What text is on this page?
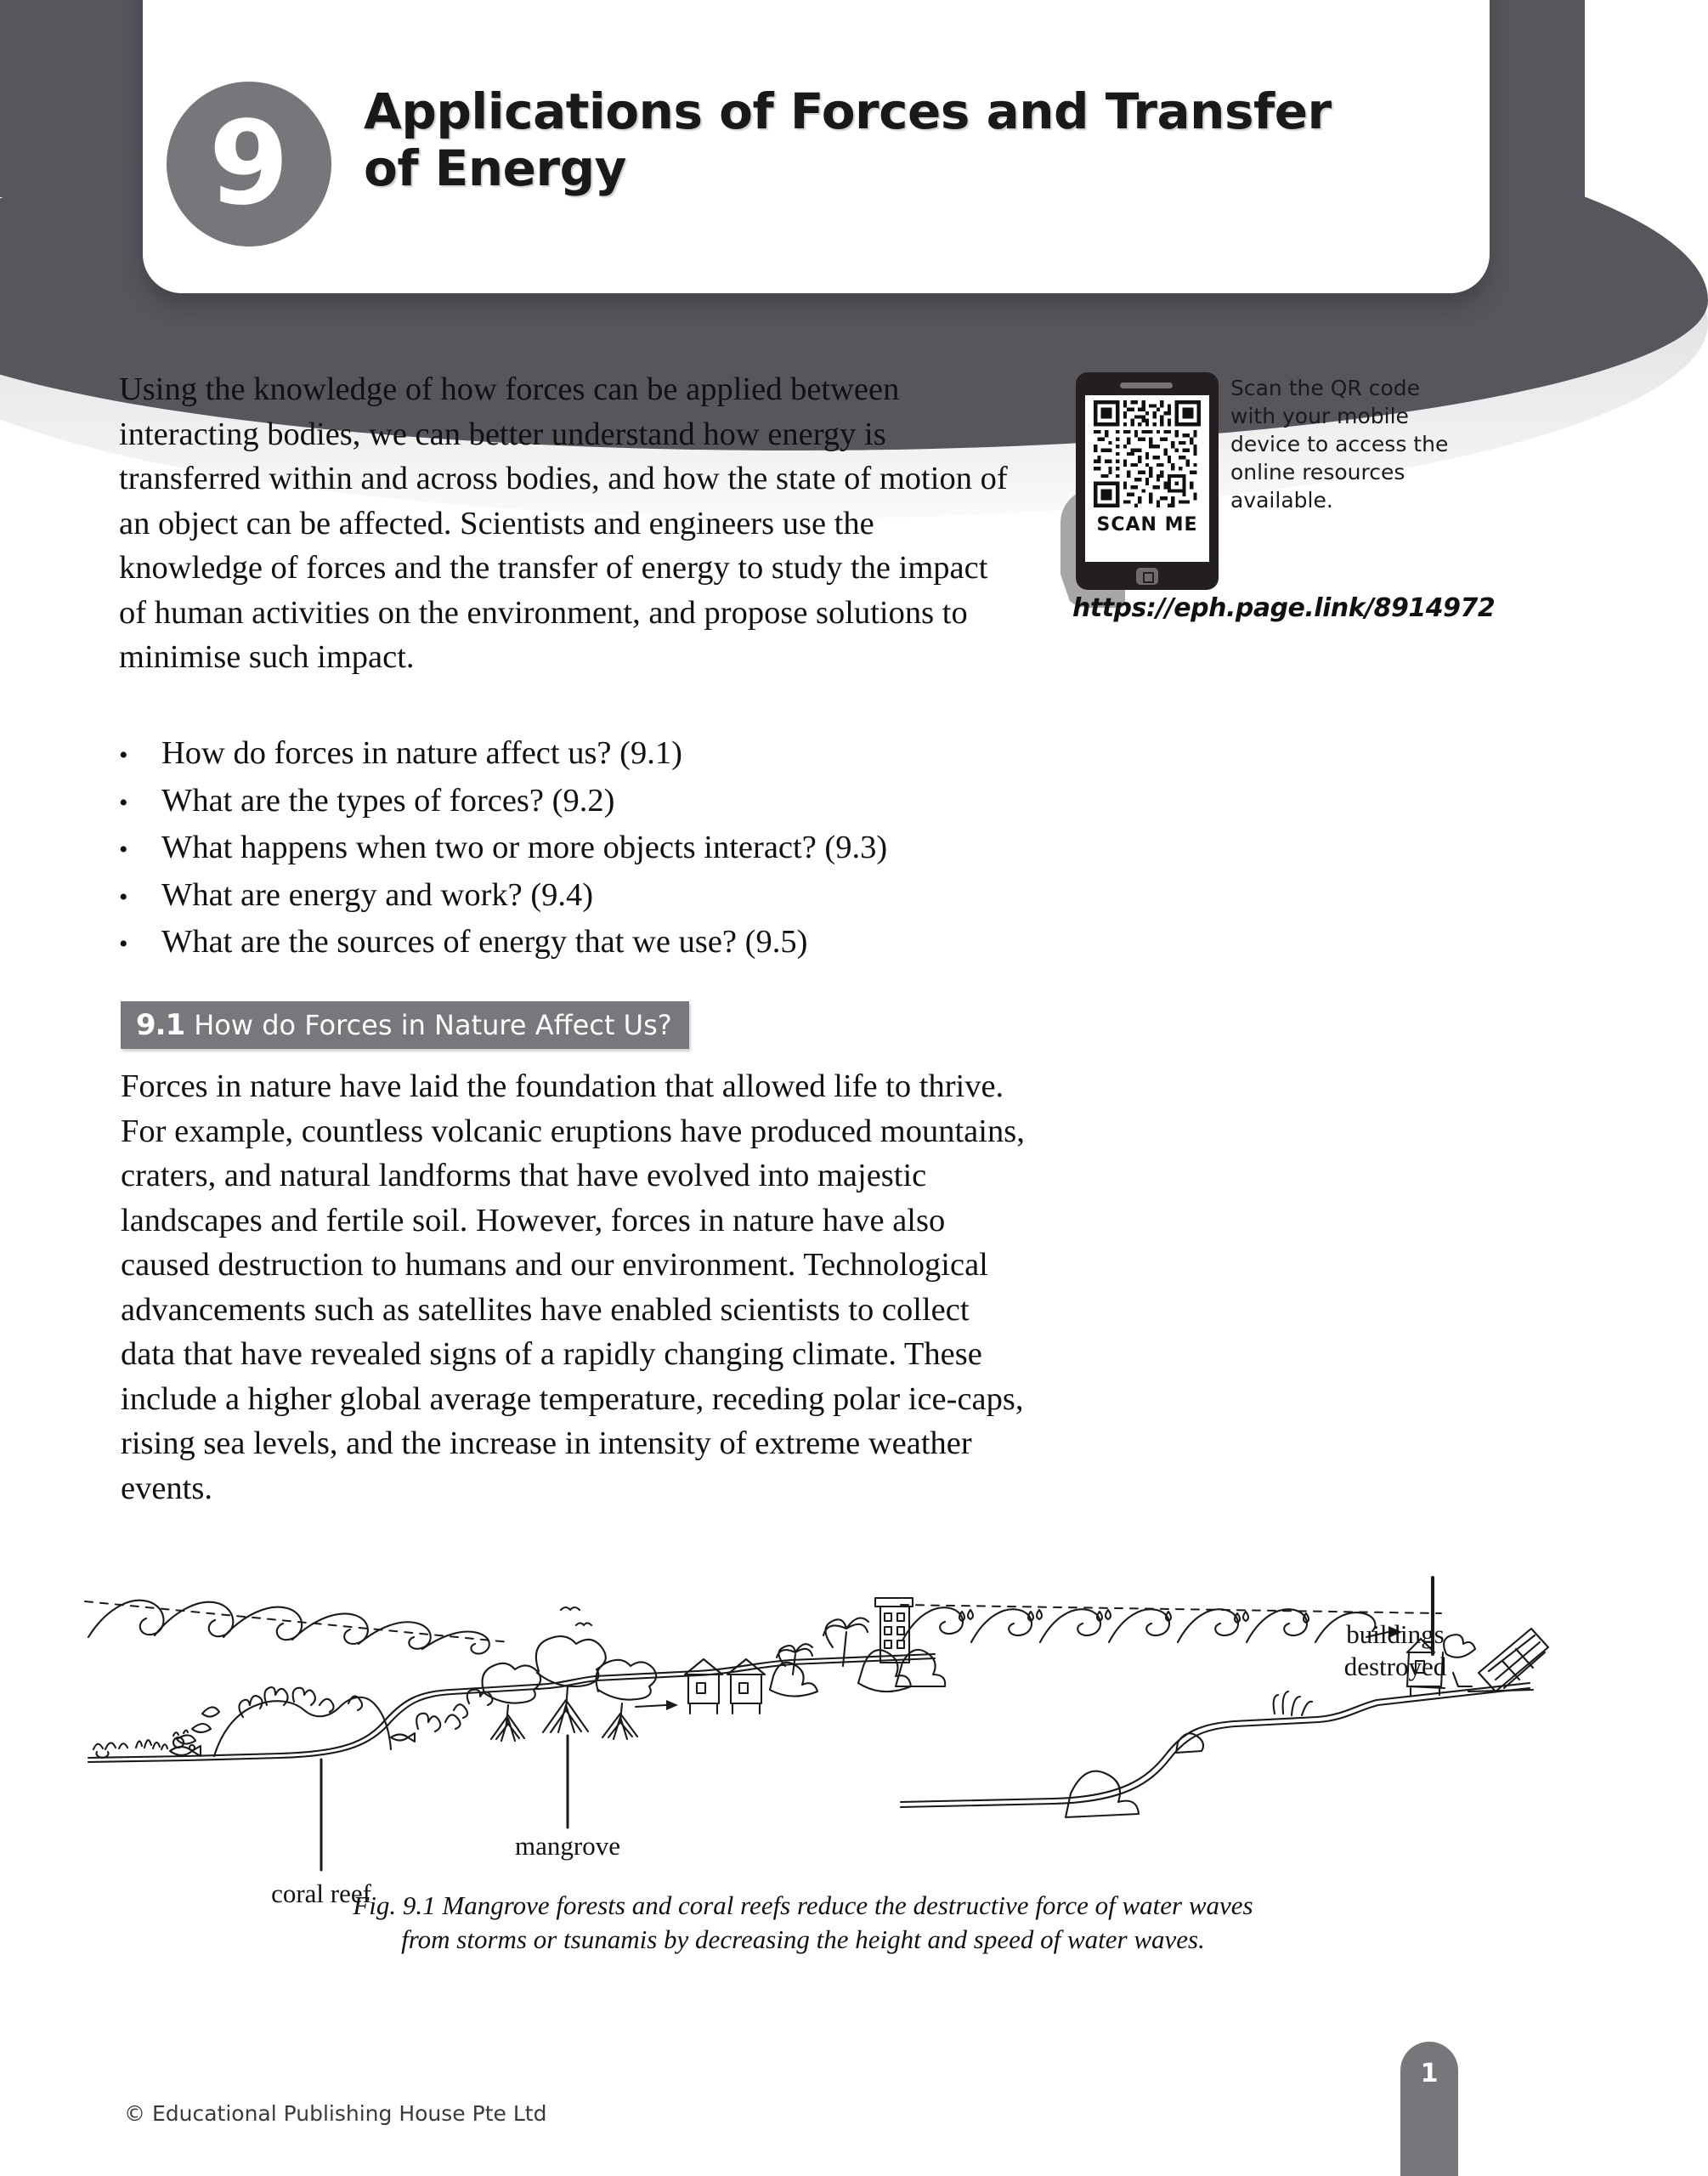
9	Applications of Forces and Transfer of Energy
Using the knowledge of how forces can be applied between interacting bodies, we can better understand how energy is transferred within and across bodies, and how the state of motion of an object can be affected. Scientists and engineers use the knowledge of forces and the transfer of energy to study the impact of human activities on the environment, and propose solutions to minimise such impact.
•	How do forces in nature affect us? (9.1)
•	What are the types of forces? (9.2)
•	What happens when two or more objects interact? (9.3)
•	What are energy and work? (9.4)
•	What are the sources of energy that we use? (9.5)
SCAN ME
Scan the QR code with your mobile device to access the online resources available.
https://eph.page.link/8914972
9.1 How do Forces in Nature Affect Us?
Forces in nature have laid the foundation that allowed life to thrive. For example, countless volcanic eruptions have produced mountains, craters, and natural landforms that have evolved into majestic landscapes and fertile soil. However, forces in nature have also caused destruction to humans and our environment. Technological advancements such as satellites have enabled scientists to collect data that have revealed signs of a rapidly changing climate. These include a higher global average temperature, receding polar ice-caps, rising sea levels, and the increase in intensity of extreme weather events.
coral reef
mangrove
buildings
destroyed
Fig. 9.1 Mangrove forests and coral reefs reduce the destructive force of water waves
from storms or tsunamis by decreasing the height and speed of water waves.
© Educational Publishing House Pte Ltd
1
